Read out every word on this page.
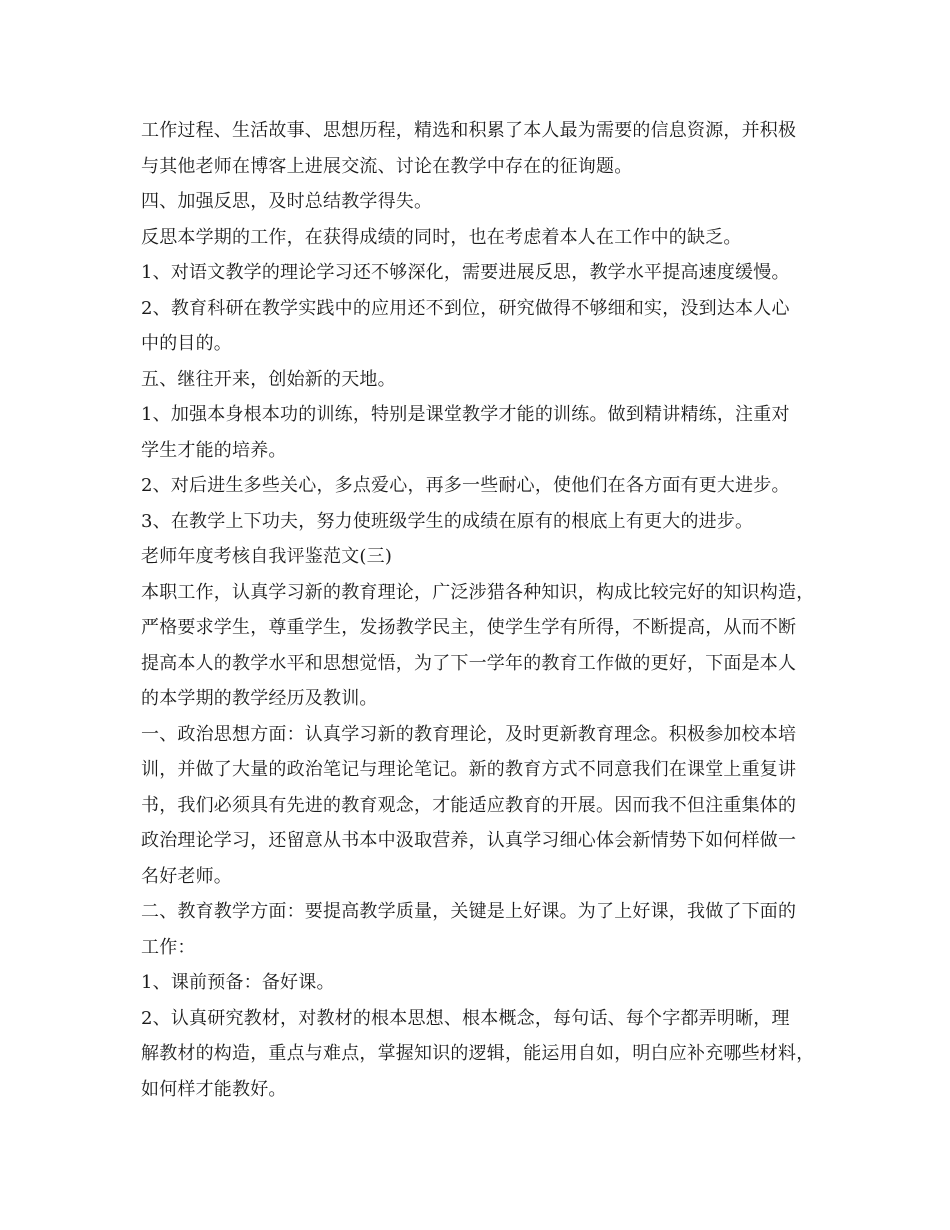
工作过程、生活故事、思想历程，精选和积累了本人最为需要的信息资源，并积极
与其他老师在博客上进展交流、讨论在教学中存在的征询题。
四、加强反思，及时总结教学得失。
反思本学期的工作，在获得成绩的同时，也在考虑着本人在工作中的缺乏。
1、对语文教学的理论学习还不够深化，需要进展反思，教学水平提高速度缓慢。
2、教育科研在教学实践中的应用还不到位，研究做得不够细和实，没到达本人心
中的目的。
五、继往开来，创始新的天地。
1、加强本身根本功的训练，特别是课堂教学才能的训练。做到精讲精练，注重对
学生才能的培养。
2、对后进生多些关心，多点爱心，再多一些耐心，使他们在各方面有更大进步。
3、在教学上下功夫，努力使班级学生的成绩在原有的根底上有更大的进步。
老师年度考核自我评鉴范文(三)
本职工作，认真学习新的教育理论，广泛涉猎各种知识，构成比较完好的知识构造，
严格要求学生，尊重学生，发扬教学民主，使学生学有所得，不断提高，从而不断
提高本人的教学水平和思想觉悟，为了下一学年的教育工作做的更好，下面是本人
的本学期的教学经历及教训。
一、政治思想方面：认真学习新的教育理论，及时更新教育理念。积极参加校本培
训，并做了大量的政治笔记与理论笔记。新的教育方式不同意我们在课堂上重复讲
书，我们必须具有先进的教育观念，才能适应教育的开展。因而我不但注重集体的
政治理论学习，还留意从书本中汲取营养，认真学习细心体会新情势下如何样做一
名好老师。
二、教育教学方面：要提高教学质量，关键是上好课。为了上好课，我做了下面的
工作：
1、课前预备：备好课。
2、认真研究教材，对教材的根本思想、根本概念，每句话、每个字都弄明晰，理
解教材的构造，重点与难点，掌握知识的逻辑，能运用自如，明白应补充哪些材料，
如何样才能教好。
